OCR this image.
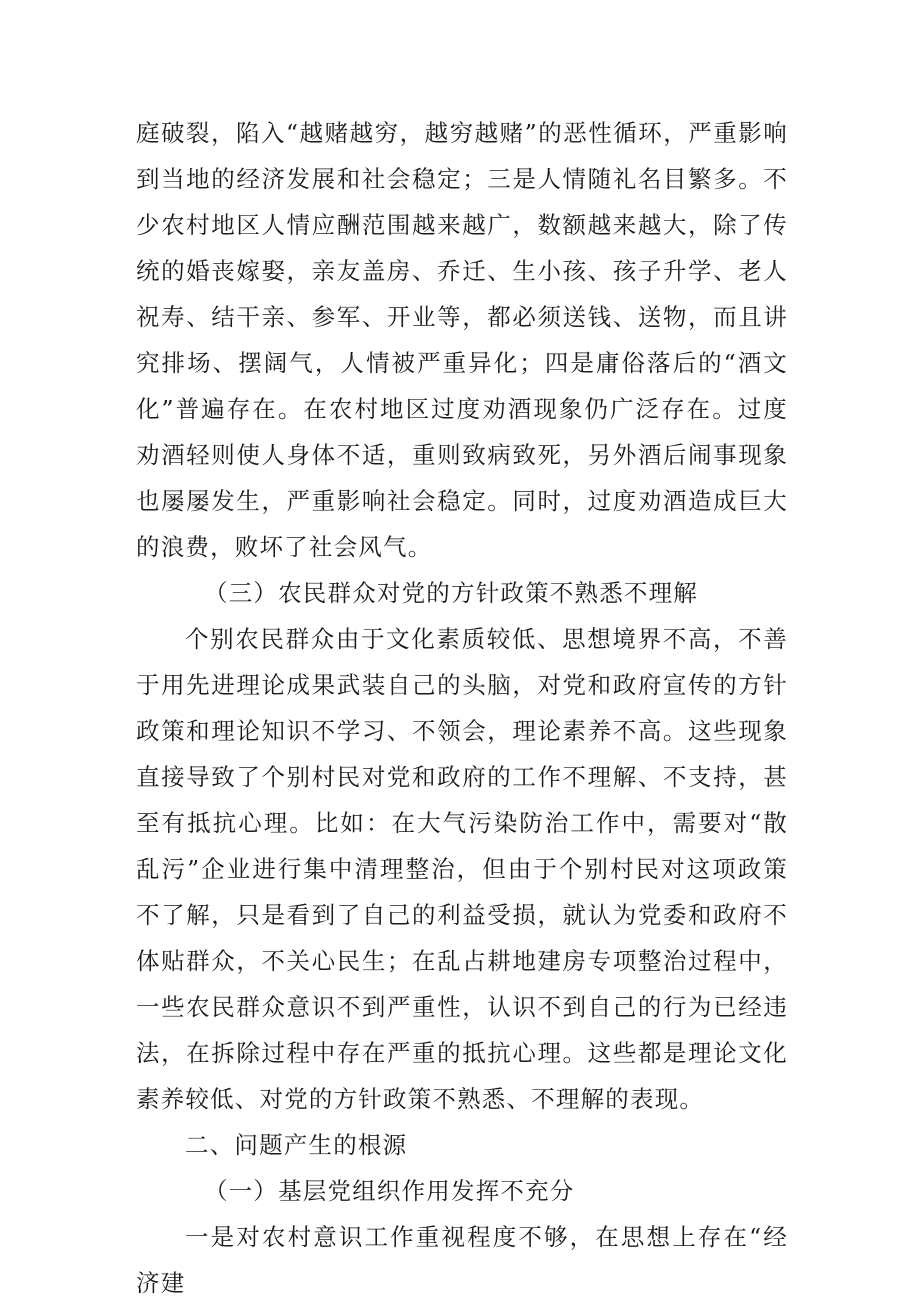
庭破裂，陷入“越赌越穷，越穷越赌”的恶性循环，严重影响到当地的经济发展和社会稳定；三是人情随礼名目繁多。不少农村地区人情应酬范围越来越广，数额越来越大，除了传统的婚丧嫁娶，亲友盖房、乔迁、生小孩、孩子升学、老人祝寿、结干亲、参军、开业等，都必须送钱、送物，而且讲究排场、摆阔气，人情被严重异化；四是庸俗落后的“酒文化”普遍存在。在农村地区过度劝酒现象仍广泛存在。过度劝酒轻则使人身体不适，重则致病致死，另外酒后闹事现象也屡屡发生，严重影响社会稳定。同时，过度劝酒造成巨大的浪费，败坏了社会风气。

（三）农民群众对党的方针政策不熟悉不理解

个别农民群众由于文化素质较低、思想境界不高，不善于用先进理论成果武装自己的头脑，对党和政府宣传的方针政策和理论知识不学习、不领会，理论素养不高。这些现象直接导致了个别村民对党和政府的工作不理解、不支持，甚至有抵抗心理。比如：在大气污染防治工作中，需要对“散乱污”企业进行集中清理整治，但由于个别村民对这项政策不了解，只是看到了自己的利益受损，就认为党委和政府不体贴群众，不关心民生；在乱占耕地建房专项整治过程中，一些农民群众意识不到严重性，认识不到自己的行为已经违法，在拆除过程中存在严重的抵抗心理。这些都是理论文化素养较低、对党的方针政策不熟悉、不理解的表现。

二、问题产生的根源

（一）基层党组织作用发挥不充分

一是对农村意识工作重视程度不够，在思想上存在“经济建
